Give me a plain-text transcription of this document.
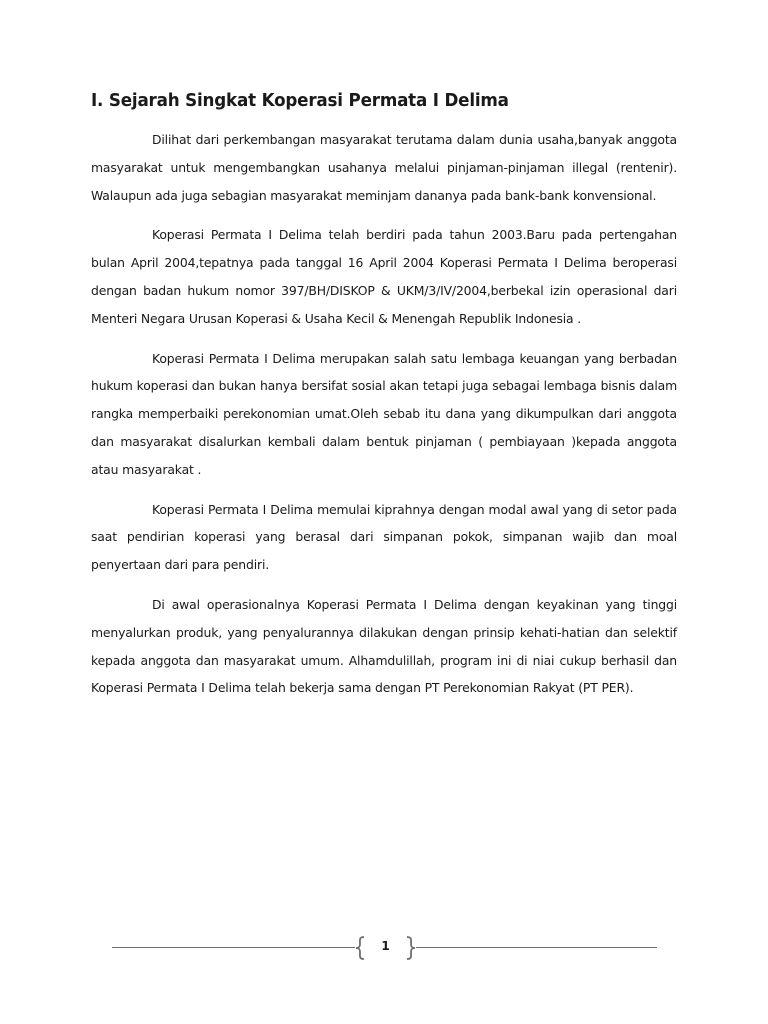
I. Sejarah Singkat Koperasi Permata I Delima

Dilihat dari perkembangan masyarakat terutama dalam dunia usaha,banyak anggota masyarakat untuk mengembangkan usahanya melalui pinjaman-pinjaman illegal (rentenir). Walaupun ada juga sebagian masyarakat meminjam dananya pada bank-bank konvensional.

Koperasi Permata I Delima telah berdiri pada tahun 2003.Baru pada pertengahan bulan April 2004,tepatnya pada tanggal 16 April 2004 Koperasi Permata I Delima beroperasi dengan badan hukum nomor 397/BH/DISKOP & UKM/3/IV/2004,berbekal izin operasional dari Menteri Negara Urusan Koperasi & Usaha Kecil & Menengah Republik Indonesia .

Koperasi Permata I Delima merupakan salah satu lembaga keuangan yang berbadan hukum koperasi dan bukan hanya bersifat sosial akan tetapi juga sebagai lembaga bisnis dalam rangka memperbaiki perekonomian umat.Oleh sebab itu dana yang dikumpulkan dari anggota dan masyarakat disalurkan kembali dalam bentuk pinjaman ( pembiayaan )kepada anggota atau masyarakat .

Koperasi Permata I Delima memulai kiprahnya dengan modal awal yang di setor pada saat pendirian koperasi yang berasal dari simpanan pokok, simpanan wajib dan moal penyertaan dari para pendiri.

Di awal operasionalnya Koperasi Permata I Delima dengan keyakinan yang tinggi menyalurkan produk, yang penyalurannya dilakukan dengan prinsip kehati-hatian dan selektif kepada anggota dan masyarakat umum. Alhamdulillah, program ini di niai cukup berhasil dan Koperasi Permata I Delima telah bekerja sama dengan PT Perekonomian Rakyat (PT PER).

1
